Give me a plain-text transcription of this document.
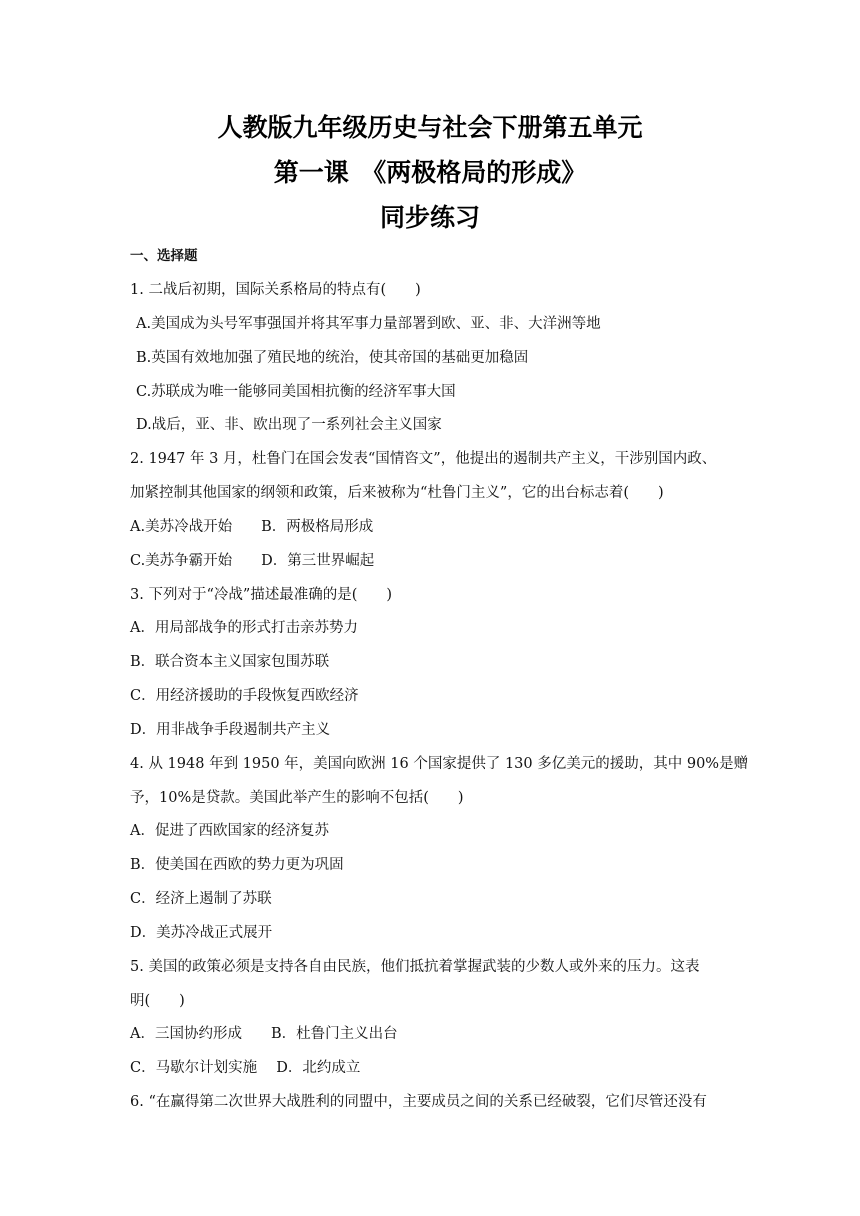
人教版九年级历史与社会下册第五单元
第一课　《两极格局的形成》
同步练习
一、选择题
1. 二战后初期，国际关系格局的特点有(　　)
A.美国成为头号军事强国并将其军事力量部署到欧、亚、非、大洋洲等地
B.英国有效地加强了殖民地的统治，使其帝国的基础更加稳固
C.苏联成为唯一能够同美国相抗衡的经济军事大国
D.战后，亚、非、欧出现了一系列社会主义国家
2. 1947 年 3 月，杜鲁门在国会发表“国情咨文”，他提出的遏制共产主义，干涉别国内政、
加紧控制其他国家的纲领和政策，后来被称为“杜鲁门主义”，它的出台标志着(　　)
A.美苏冷战开始　　B．两极格局形成
C.美苏争霸开始　　D．第三世界崛起
3. 下列对于“冷战”描述最准确的是(　　)
A．用局部战争的形式打击亲苏势力
B．联合资本主义国家包围苏联
C．用经济援助的手段恢复西欧经济
D．用非战争手段遏制共产主义
4. 从 1948 年到 1950 年，美国向欧洲 16 个国家提供了 130 多亿美元的援助，其中 90%是赠
予，10%是贷款。美国此举产生的影响不包括(　　)
A．促进了西欧国家的经济复苏
B．使美国在西欧的势力更为巩固
C．经济上遏制了苏联
D．美苏冷战正式展开
5. 美国的政策必须是支持各自由民族，他们抵抗着掌握武装的少数人或外来的压力。这表
明(　　)
A．三国协约形成　　B．杜鲁门主义出台
C．马歇尔计划实施　 D．北约成立
6. “在赢得第二次世界大战胜利的同盟中，主要成员之间的关系已经破裂，它们尽管还没有
